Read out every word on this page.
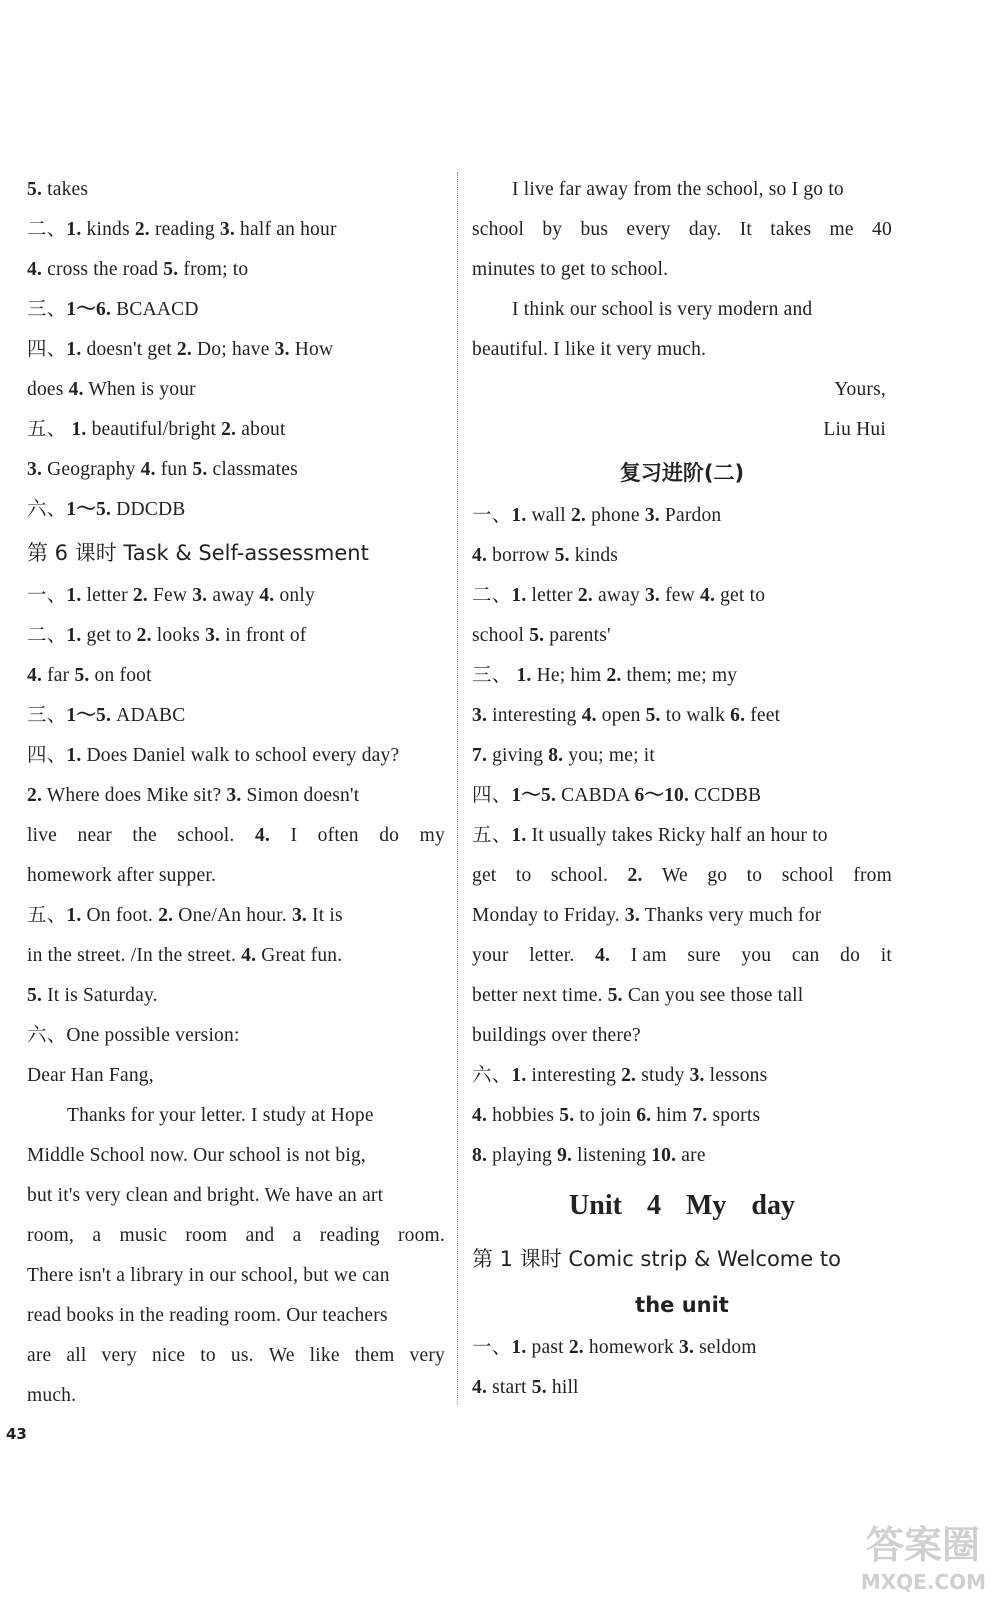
5. takes
二、1. kinds 2. reading 3. half an hour
4. cross the road 5. from; to
三、1～6. BCAACD
四、1. doesn't get 2. Do; have 3. How
does 4. When is your
五、 1. beautiful/bright 2. about
3. Geography 4. fun 5. classmates
六、1～5. DDCDB
第 6 课时 Task & Self-assessment
一、1. letter 2. Few 3. away 4. only
二、1. get to 2. looks 3. in front of
4. far 5. on foot
三、1～5. ADABC
四、1. Does Daniel walk to school every day?
2. Where does Mike sit? 3. Simon doesn't
live near the school. 4. I often do my
homework after supper.
五、1. On foot. 2. One/An hour. 3. It is
in the street. /In the street. 4. Great fun.
5. It is Saturday.
六、One possible version:
Dear Han Fang,
Thanks for your letter. I study at Hope
Middle School now. Our school is not big,
but it's very clean and bright. We have an art
room, a music room and a reading room.
There isn't a library in our school, but we can
read books in the reading room. Our teachers
are all very nice to us. We like them very
much.
I live far away from the school, so I go to
school by bus every day. It takes me 40
minutes to get to school.
I think our school is very modern and
beautiful. I like it very much.
Yours,
Liu Hui
复习进阶(二)
一、1. wall 2. phone 3. Pardon
4. borrow 5. kinds
二、1. letter 2. away 3. few 4. get to
school 5. parents'
三、 1. He; him 2. them; me; my
3. interesting 4. open 5. to walk 6. feet
7. giving 8. you; me; it
四、1～5. CABDA 6～10. CCDBB
五、1. It usually takes Ricky half an hour to
get to school. 2. We go to school from
Monday to Friday. 3. Thanks very much for
your letter. 4. I am sure you can do it
better next time. 5. Can you see those tall
buildings over there?
六、1. interesting 2. study 3. lessons
4. hobbies 5. to join 6. him 7. sports
8. playing 9. listening 10. are
Unit 4 My day
第 1 课时 Comic strip & Welcome to
the unit
一、1. past 2. homework 3. seldom
4. start 5. hill
43
答案圈
MXQE.COM
